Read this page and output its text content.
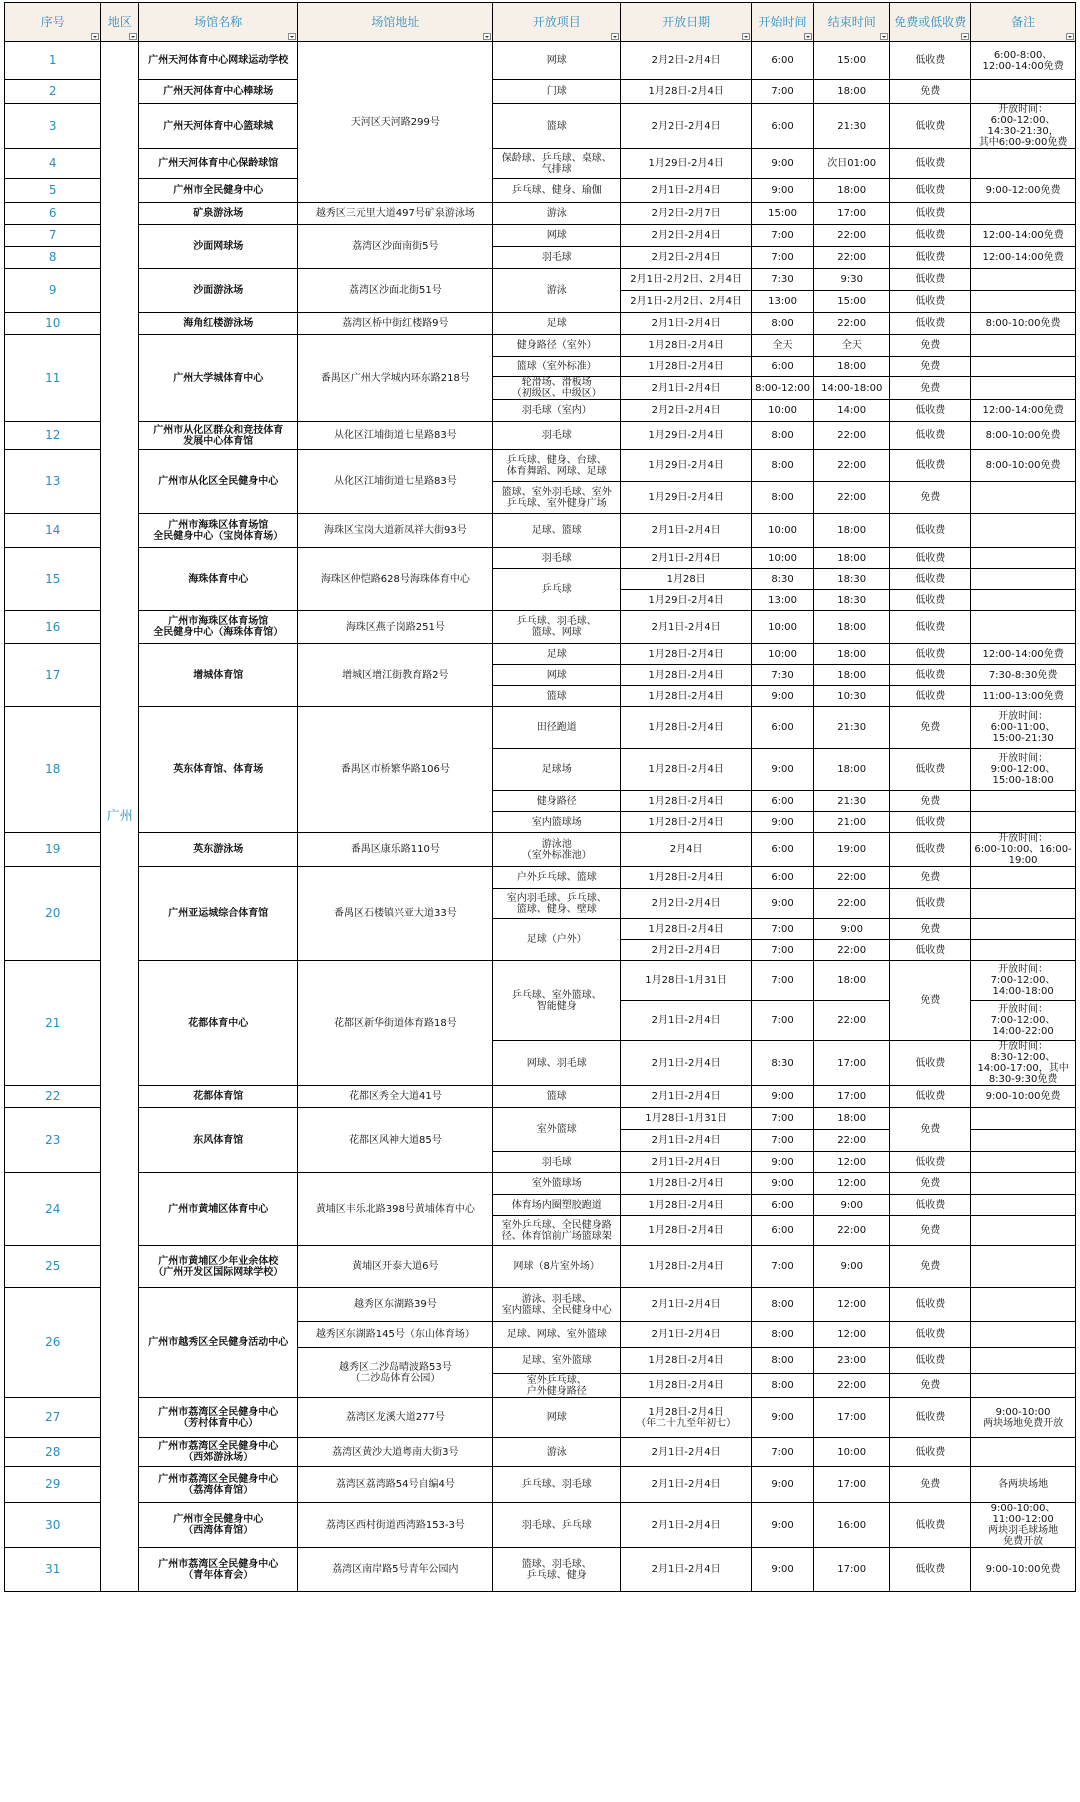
序号	地区	场馆名称	场馆地址	开放项目	开放日期	开始时间	结束时间	免费或低收费	备注

1	广州	广州天河体育中心网球运动学校	天河区天河路299号	网球	2月2日-2月4日	6:00	15:00	低收费	6:00-8:00、
12:00-14:00免费
2		广州天河体育中心棒球场		门球	1月28日-2月4日	7:00	18:00	免费	
3		广州天河体育中心篮球城		篮球	2月2日-2月4日	6:00	21:30	低收费	开放时间：
6:00-12:00、
14:30-21:30，
其中6:00-9:00免费
4		广州天河体育中心保龄球馆		保龄球、乒乓球、桌球、
气排球	1月29日-2月4日	9:00	次日01:00	低收费	
5		广州市全民健身中心		乒乓球、健身、瑜伽	2月1日-2月4日	9:00	18:00	低收费	9:00-12:00免费
6		矿泉游泳场	越秀区三元里大道497号矿泉游泳场	游泳	2月2日-2月7日	15:00	17:00	低收费	
7		沙面网球场	荔湾区沙面南街5号	网球	2月2日-2月4日	7:00	22:00	低收费	12:00-14:00免费
8				羽毛球	2月2日-2月4日	7:00	22:00	低收费	12:00-14:00免费
9		沙面游泳场	荔湾区沙面北街51号	游泳	2月1日-2月2日、2月4日	7:30	9:30	低收费	
					2月1日-2月2日、2月4日	13:00	15:00	低收费	
10		海角红楼游泳场	荔湾区桥中街红楼路9号	足球	2月1日-2月4日	8:00	22:00	低收费	8:00-10:00免费
11		广州大学城体育中心	番禺区广州大学城内环东路218号	健身路径（室外）	1月28日-2月4日	全天	全天	免费	
				篮球（室外标准）	1月28日-2月4日	6:00	18:00	免费	
				轮滑场、滑板场
（初级区、中级区）	2月1日-2月4日	8:00-12:00	14:00-18:00	免费	
				羽毛球（室内）	2月2日-2月4日	10:00	14:00	低收费	12:00-14:00免费
12		广州市从化区群众和竞技体育
发展中心体育馆	从化区江埔街道七星路83号	羽毛球	1月29日-2月4日	8:00	22:00	低收费	8:00-10:00免费
13		广州市从化区全民健身中心	从化区江埔街道七星路83号	乒乓球、健身、台球、
体育舞蹈、网球、足球	1月29日-2月4日	8:00	22:00	低收费	8:00-10:00免费
				篮球、室外羽毛球、室外
乒乓球、室外健身广场	1月29日-2月4日	8:00	22:00	免费	
14		广州市海珠区体育场馆
全民健身中心（宝岗体育场）	海珠区宝岗大道新凤祥大街93号	足球、篮球	2月1日-2月4日	10:00	18:00	低收费	
15		海珠体育中心	海珠区仲恺路628号海珠体育中心	羽毛球	2月1日-2月4日	10:00	18:00	低收费	
				乒乓球	1月28日	8:30	18:30	低收费	
					1月29日-2月4日	13:00	18:30	低收费	
16		广州市海珠区体育场馆
全民健身中心（海珠体育馆）	海珠区燕子岗路251号	乒乓球、羽毛球、
篮球、网球	2月1日-2月4日	10:00	18:00	低收费	
17		增城体育馆	增城区增江街教育路2号	足球	1月28日-2月4日	10:00	18:00	低收费	12:00-14:00免费
				网球	1月28日-2月4日	7:30	18:00	低收费	7:30-8:30免费
				篮球	1月28日-2月4日	9:00	10:30	低收费	11:00-13:00免费
18		英东体育馆、体育场	番禺区市桥繁华路106号	田径跑道	1月28日-2月4日	6:00	21:30	免费	开放时间：
6:00-11:00、
15:00-21:30
				足球场	1月28日-2月4日	9:00	18:00	低收费	开放时间：
9:00-12:00、
15:00-18:00
				健身路径	1月28日-2月4日	6:00	21:30	免费	
				室内篮球场	1月28日-2月4日	9:00	21:00	低收费	
19		英东游泳场	番禺区康乐路110号	游泳池
（室外标准池）	2月4日	6:00	19:00	低收费	开放时间：
6:00-10:00、16:00-
19:00
20		广州亚运城综合体育馆	番禺区石楼镇兴亚大道33号	户外乒乓球、篮球	1月28日-2月4日	6:00	22:00	免费	
				室内羽毛球、乒乓球、
篮球、健身、壁球	2月2日-2月4日	9:00	22:00	低收费	
				足球（户外）	1月28日-2月4日	7:00	9:00	免费	
					2月2日-2月4日	7:00	22:00	低收费	
21		花都体育中心	花都区新华街道体育路18号	乒乓球、室外篮球、
智能健身	1月28日-1月31日	7:00	18:00	免费	开放时间：
7:00-12:00、
14:00-18:00
					2月1日-2月4日	7:00	22:00		开放时间：
7:00-12:00、
14:00-22:00
				网球、羽毛球	2月1日-2月4日	8:30	17:00	低收费	开放时间：
8:30-12:00、
14:00-17:00，其中
8:30-9:30免费
22		花都体育馆	花都区秀全大道41号	篮球	2月1日-2月4日	9:00	17:00	低收费	9:00-10:00免费
23		东风体育馆	花都区风神大道85号	室外篮球	1月28日-1月31日	7:00	18:00	免费	
					2月1日-2月4日	7:00	22:00		
				羽毛球	2月1日-2月4日	9:00	12:00	低收费	
24		广州市黄埔区体育中心	黄埔区丰乐北路398号黄埔体育中心	室外篮球场	1月28日-2月4日	9:00	12:00	免费	
				体育场内圈塑胶跑道	1月28日-2月4日	6:00	9:00	低收费	
				室外乒乓球、全民健身路
径、体育馆前广场篮球架	1月28日-2月4日	6:00	22:00	免费	
25		广州市黄埔区少年业余体校
（广州开发区国际网球学校）	黄埔区开泰大道6号	网球（8片室外场）	1月28日-2月4日	7:00	9:00	免费	
26		广州市越秀区全民健身活动中心	越秀区东湖路39号	游泳、羽毛球、
室内篮球、全民健身中心	2月1日-2月4日	8:00	12:00	低收费	
			越秀区东湖路145号（东山体育场）	足球、网球、室外篮球	2月1日-2月4日	8:00	12:00	低收费	
			越秀区二沙岛晴波路53号
（二沙岛体育公园）	足球、室外篮球	1月28日-2月4日	8:00	23:00	低收费	
				室外乒乓球、
户外健身路径	1月28日-2月4日	8:00	22:00	免费	
27		广州市荔湾区全民健身中心
（芳村体育中心）	荔湾区龙溪大道277号	网球	1月28日-2月4日
（年二十九至年初七）	9:00	17:00	低收费	9:00-10:00
两块场地免费开放
28		广州市荔湾区全民健身中心
（西郊游泳场）	荔湾区黄沙大道粤南大街3号	游泳	2月1日-2月4日	7:00	10:00	低收费	
29		广州市荔湾区全民健身中心
（荔湾体育馆）	荔湾区荔湾路54号自编4号	乒乓球、羽毛球	2月1日-2月4日	9:00	17:00	免费	各两块场地
30		广州市全民健身中心
（西湾体育馆）	荔湾区西村街道西湾路153-3号	羽毛球、乒乓球	2月1日-2月4日	9:00	16:00	低收费	9:00-10:00、
11:00-12:00
两块羽毛球场地
免费开放
31		广州市荔湾区全民健身中心
（青年体育会）	荔湾区南岸路5号青年公园内	篮球、羽毛球、
乒乓球、健身	2月1日-2月4日	9:00	17:00	低收费	9:00-10:00免费
